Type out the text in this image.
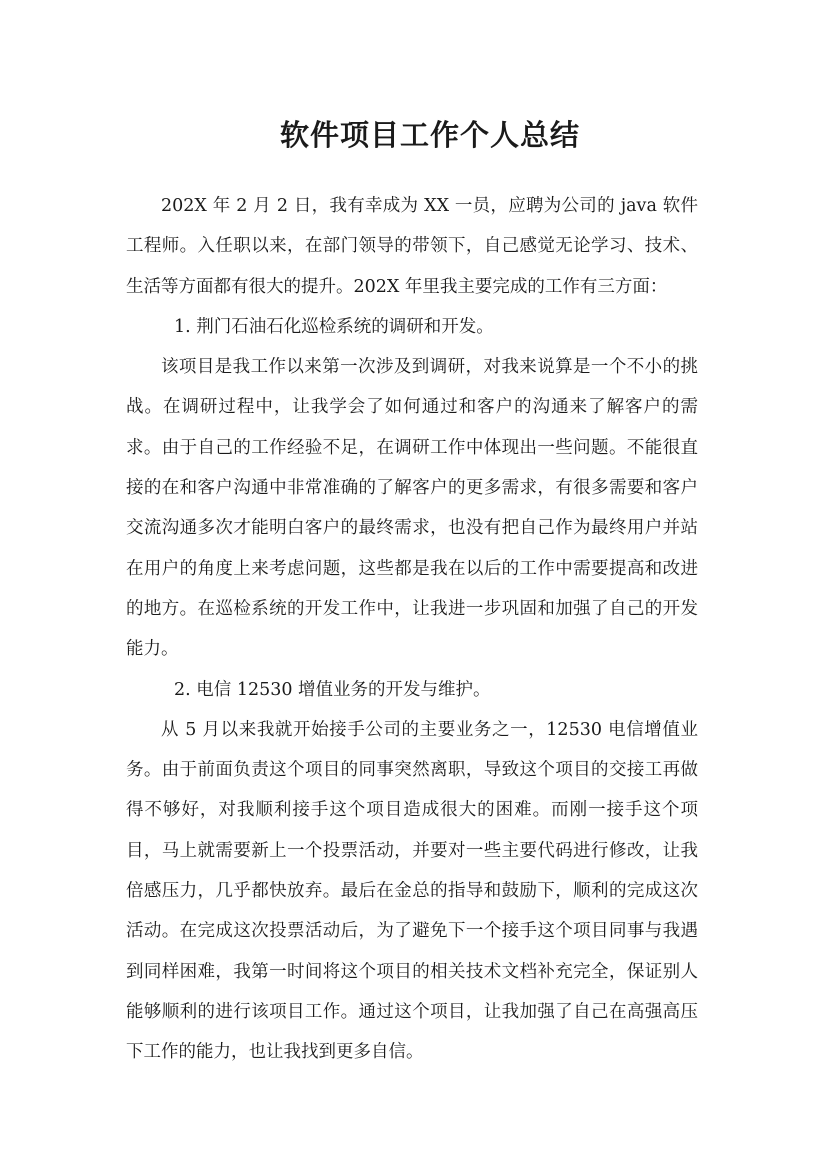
软件项目工作个人总结

202X 年 2 月 2 日，我有幸成为 XX 一员，应聘为公司的 java 软件工程师。入任职以来，在部门领导的带领下，自己感觉无论学习、技术、生活等方面都有很大的提升。202X 年里我主要完成的工作有三方面：

1. 荆门石油石化巡检系统的调研和开发。

该项目是我工作以来第一次涉及到调研，对我来说算是一个不小的挑战。在调研过程中，让我学会了如何通过和客户的沟通来了解客户的需求。由于自己的工作经验不足，在调研工作中体现出一些问题。不能很直接的在和客户沟通中非常准确的了解客户的更多需求，有很多需要和客户交流沟通多次才能明白客户的最终需求，也没有把自己作为最终用户并站在用户的角度上来考虑问题，这些都是我在以后的工作中需要提高和改进的地方。在巡检系统的开发工作中，让我进一步巩固和加强了自己的开发能力。

2. 电信 12530 增值业务的开发与维护。

从 5 月以来我就开始接手公司的主要业务之一，12530 电信增值业务。由于前面负责这个项目的同事突然离职，导致这个项目的交接工再做得不够好，对我顺利接手这个项目造成很大的困难。而刚一接手这个项目，马上就需要新上一个投票活动，并要对一些主要代码进行修改，让我倍感压力，几乎都快放弃。最后在金总的指导和鼓励下，顺利的完成这次活动。在完成这次投票活动后，为了避免下一个接手这个项目同事与我遇到同样困难，我第一时间将这个项目的相关技术文档补充完全，保证别人能够顺利的进行该项目工作。通过这个项目，让我加强了自己在高强高压下工作的能力，也让我找到更多自信。
